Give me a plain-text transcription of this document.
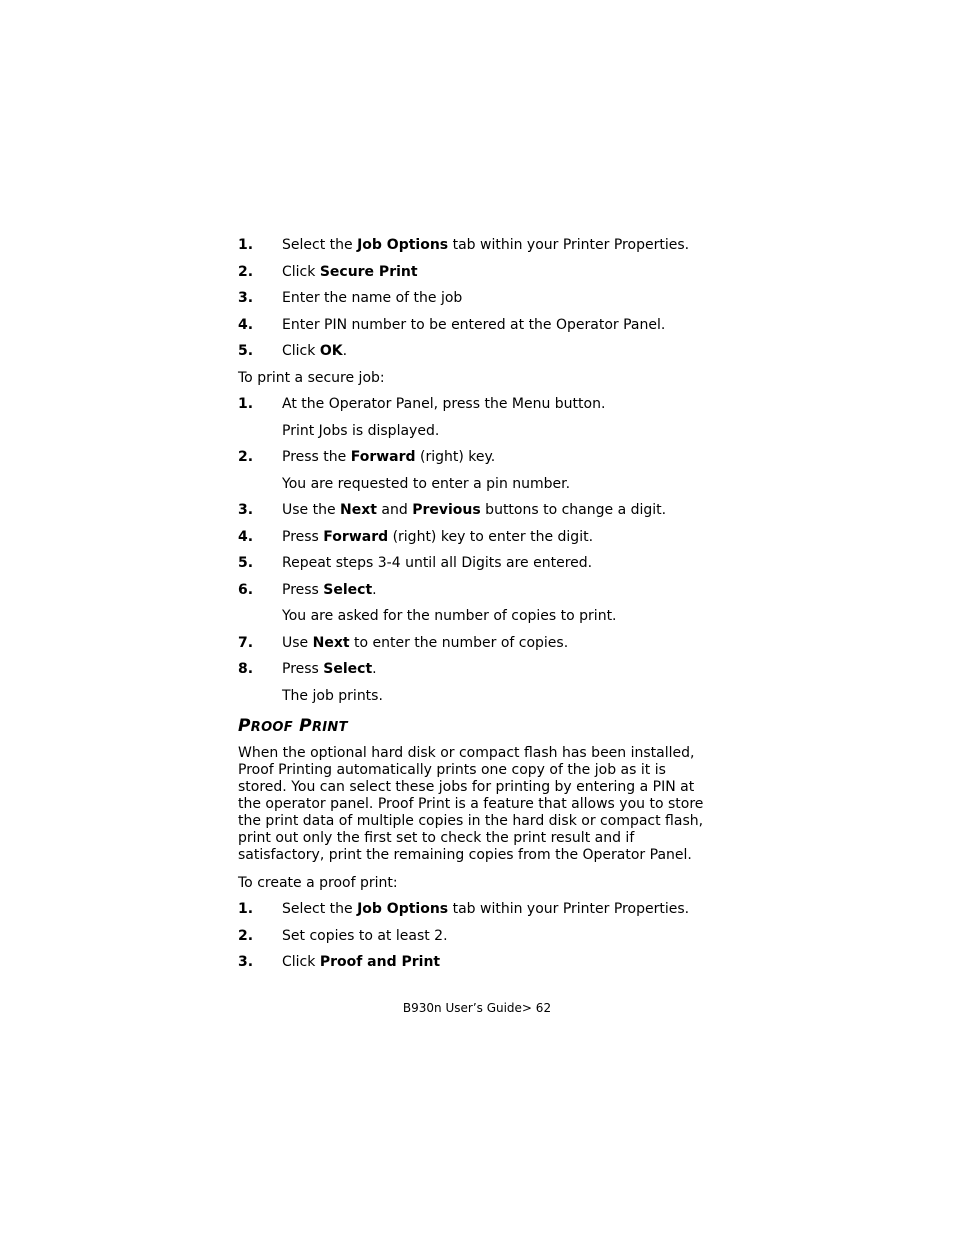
1.	Select the Job Options tab within your Printer Properties.
2.	Click Secure Print
3.	Enter the name of the job
4.	Enter PIN number to be entered at the Operator Panel.
5.	Click OK.
To print a secure job:
1.	At the Operator Panel, press the Menu button.
Print Jobs is displayed.
2.	Press the Forward (right) key.
You are requested to enter a pin number.
3.	Use the Next and Previous buttons to change a digit.
4.	Press Forward (right) key to enter the digit.
5.	Repeat steps 3-4 until all Digits are entered.
6.	Press Select.
You are asked for the number of copies to print.
7.	Use Next to enter the number of copies.
8.	Press Select.
The job prints.
PROOF PRINT
When the optional hard disk or compact flash has been installed, Proof Printing automatically prints one copy of the job as it is stored. You can select these jobs for printing by entering a PIN at the operator panel. Proof Print is a feature that allows you to store the print data of multiple copies in the hard disk or compact flash, print out only the first set to check the print result and if satisfactory, print the remaining copies from the Operator Panel.
To create a proof print:
1.	Select the Job Options tab within your Printer Properties.
2.	Set copies to at least 2.
3.	Click Proof and Print
B930n User’s Guide> 62
